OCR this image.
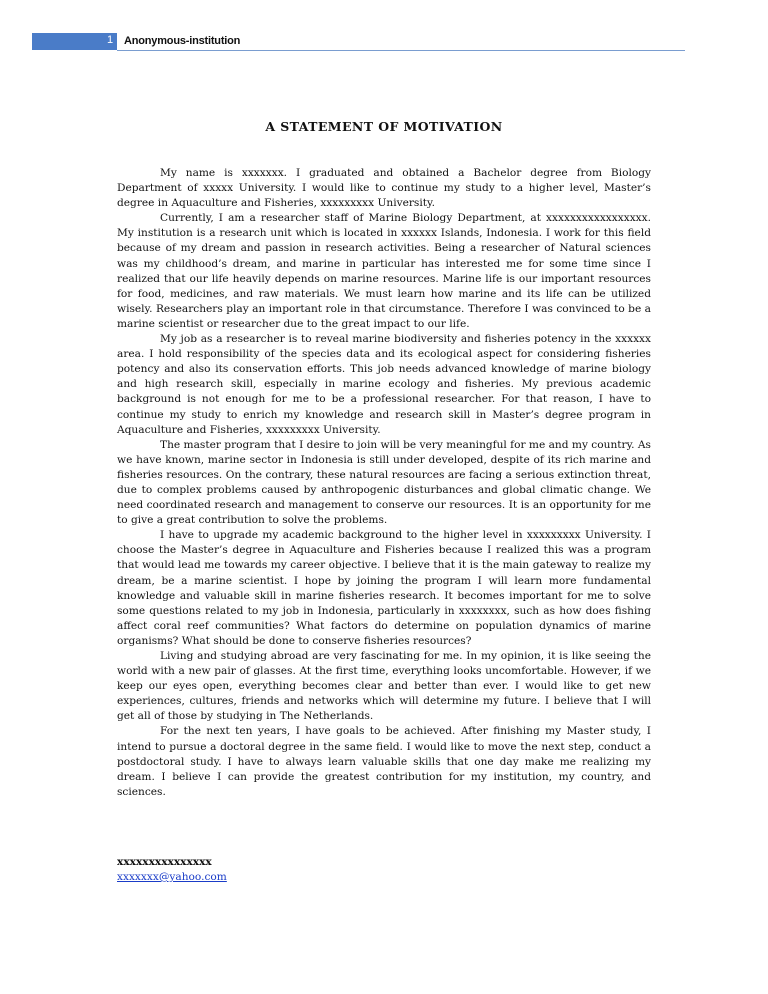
1 Anonymous-institution
A STATEMENT OF MOTIVATION

My name is xxxxxxx. I graduated and obtained a Bachelor degree from Biology Department of xxxxx University. I would like to continue my study to a higher level, Master’s degree in Aquaculture and Fisheries, xxxxxxxxx University.

Currently, I am a researcher staff of Marine Biology Department, at xxxxxxxxxxxxxxxxx. My institution is a research unit which is located in xxxxxx Islands, Indonesia. I work for this field because of my dream and passion in research activities. Being a researcher of Natural sciences was my childhood’s dream, and marine in particular has interested me for some time since I realized that our life heavily depends on marine resources. Marine life is our important resources for food, medicines, and raw materials. We must learn how marine and its life can be utilized wisely. Researchers play an important role in that circumstance. Therefore I was convinced to be a marine scientist or researcher due to the great impact to our life.

My job as a researcher is to reveal marine biodiversity and fisheries potency in the xxxxxx area. I hold responsibility of the species data and its ecological aspect for considering fisheries potency and also its conservation efforts. This job needs advanced knowledge of marine biology and high research skill, especially in marine ecology and fisheries. My previous academic background is not enough for me to be a professional researcher. For that reason, I have to continue my study to enrich my knowledge and research skill in Master’s degree program in Aquaculture and Fisheries, xxxxxxxxx University.

The master program that I desire to join will be very meaningful for me and my country. As we have known, marine sector in Indonesia is still under developed, despite of its rich marine and fisheries resources. On the contrary, these natural resources are facing a serious extinction threat, due to complex problems caused by anthropogenic disturbances and global climatic change. We need coordinated research and management to conserve our resources. It is an opportunity for me to give a great contribution to solve the problems.

I have to upgrade my academic background to the higher level in xxxxxxxxx University. I choose the Master’s degree in Aquaculture and Fisheries because I realized this was a program that would lead me towards my career objective. I believe that it is the main gateway to realize my dream, be a marine scientist. I hope by joining the program I will learn more fundamental knowledge and valuable skill in marine fisheries research. It becomes important for me to solve some questions related to my job in Indonesia, particularly in xxxxxxxx, such as how does fishing affect coral reef communities? What factors do determine on population dynamics of marine organisms? What should be done to conserve fisheries resources?

Living and studying abroad are very fascinating for me. In my opinion, it is like seeing the world with a new pair of glasses. At the first time, everything looks uncomfortable. However, if we keep our eyes open, everything becomes clear and better than ever. I would like to get new experiences, cultures, friends and networks which will determine my future. I believe that I will get all of those by studying in The Netherlands.

For the next ten years, I have goals to be achieved. After finishing my Master study, I intend to pursue a doctoral degree in the same field. I would like to move the next step, conduct a postdoctoral study. I have to always learn valuable skills that one day make me realizing my dream. I believe I can provide the greatest contribution for my institution, my country, and sciences.

xxxxxxxxxxxxxxx
xxxxxxx@yahoo.com
